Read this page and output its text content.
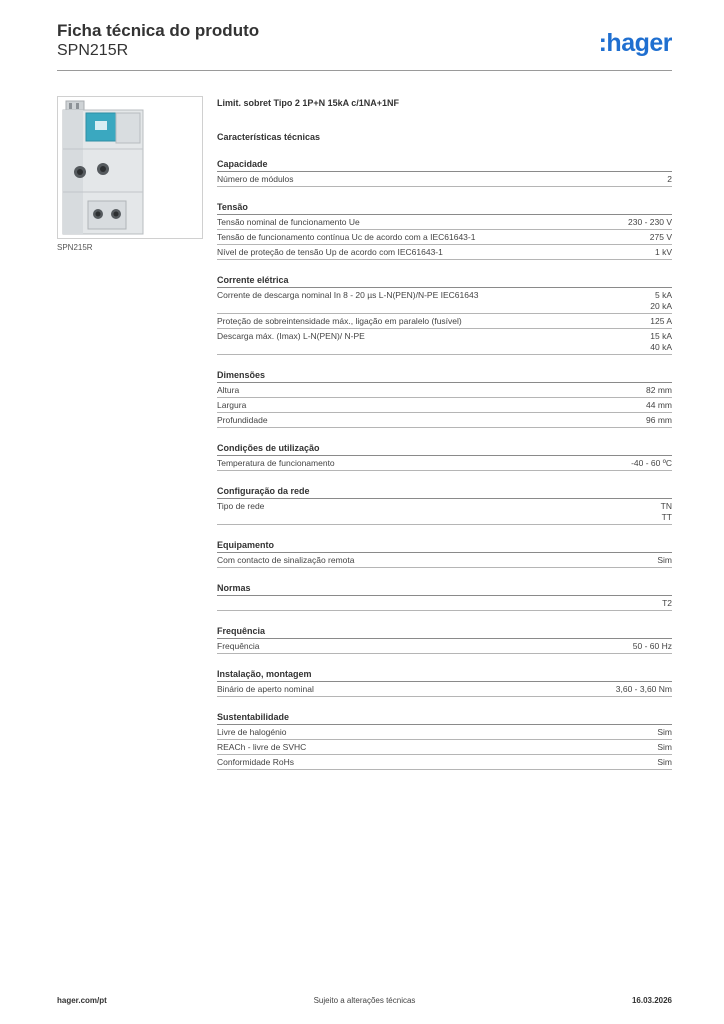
Ficha técnica do produto
SPN215R	:hager
SPN215R
Limit. sobret Tipo 2 1P+N 15kA c/1NA+1NF
Características técnicas
Capacidade
Número de módulos	2
Tensão
Tensão nominal de funcionamento Ue	230 - 230 V
Tensão de funcionamento contínua Uc de acordo com a IEC61643-1	275 V
Nível de proteção de tensão Up de acordo com IEC61643-1	1 kV
Corrente elétrica
Corrente de descarga nominal In 8 - 20 µs L-N(PEN)/N-PE IEC61643	5 kA
20 kA
Proteção de sobreintensidade máx., ligação em paralelo (fusível)	125 A
Descarga máx. (Imax) L-N(PEN)/ N-PE	15 kA
40 kA
Dimensões
Altura	82 mm
Largura	44 mm
Profundidade	96 mm
Condições de utilização
Temperatura de funcionamento	-40 - 60 ºC
Configuração da rede
Tipo de rede	TN
TT
Equipamento
Com contacto de sinalização remota	Sim
Normas
T2
Frequência
Frequência	50 - 60 Hz
Instalação, montagem
Binário de aperto nominal	3,60 - 3,60 Nm
Sustentabilidade
Livre de halogénio	Sim
REACh - livre de SVHC	Sim
Conformidade RoHs	Sim
hager.com/pt	Sujeito a alterações técnicas	16.03.2026
